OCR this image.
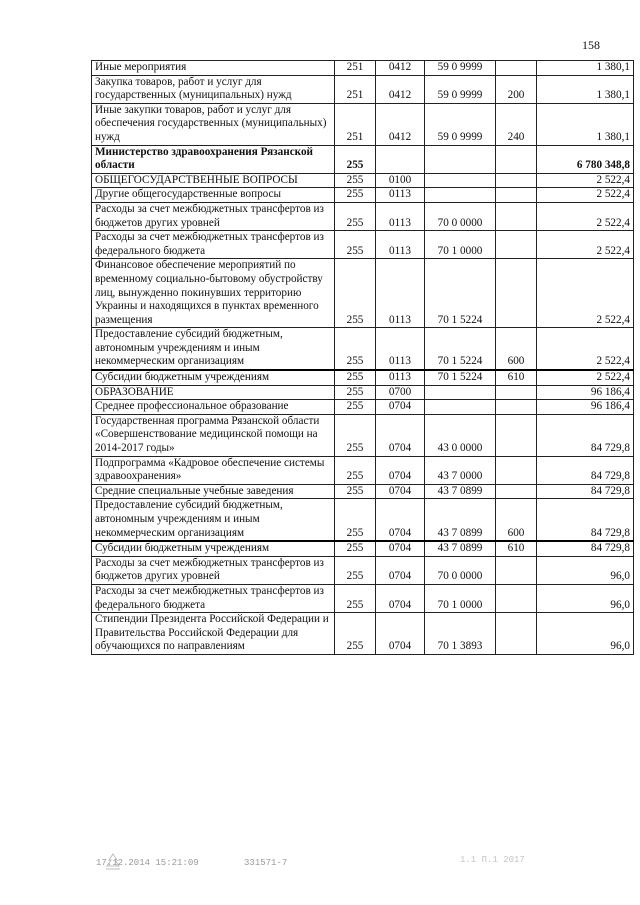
158
Иные мероприятия	251	0412	59 0 9999		1 380,1
Закупка товаров, работ и услуг для государственных (муниципальных) нужд	251	0412	59 0 9999	200	1 380,1
Иные закупки товаров, работ и услуг для обеспечения государственных (муниципальных) нужд	251	0412	59 0 9999	240	1 380,1
Министерство здравоохранения Рязанской области	255				6 780 348,8
ОБЩЕГОСУДАРСТВЕННЫЕ ВОПРОСЫ	255	0100			2 522,4
Другие общегосударственные вопросы	255	0113			2 522,4
Расходы за счет межбюджетных трансфертов из бюджетов других уровней	255	0113	70 0 0000		2 522,4
Расходы за счет межбюджетных трансфертов из федерального бюджета	255	0113	70 1 0000		2 522,4
Финансовое обеспечение мероприятий по временному социально-бытовому обустройству лиц, вынужденно покинувших территорию Украины и находящихся в пунктах временного размещения	255	0113	70 1 5224		2 522,4
Предоставление субсидий бюджетным, автономным учреждениям и иным некоммерческим организациям	255	0113	70 1 5224	600	2 522,4
Субсидии бюджетным учреждениям	255	0113	70 1 5224	610	2 522,4
ОБРАЗОВАНИЕ	255	0700			96 186,4
Среднее профессиональное образование	255	0704			96 186,4
Государственная программа Рязанской области «Совершенствование медицинской помощи на 2014-2017 годы»	255	0704	43 0 0000		84 729,8
Подпрограмма «Кадровое обеспечение системы здравоохранения»	255	0704	43 7 0000		84 729,8
Средние специальные учебные заведения	255	0704	43 7 0899		84 729,8
Предоставление субсидий бюджетным, автономным учреждениям и иным некоммерческим организациям	255	0704	43 7 0899	600	84 729,8
Субсидии бюджетным учреждениям	255	0704	43 7 0899	610	84 729,8
Расходы за счет межбюджетных трансфертов из бюджетов других уровней	255	0704	70 0 0000		96,0
Расходы за счет межбюджетных трансфертов из федерального бюджета	255	0704	70 1 0000		96,0
Стипендии Президента Российской Федерации и Правительства Российской Федерации для обучающихся по направлениям	255	0704	70 1 3893		96,0
17.12.2014 15:21:09	331571-7	1.1 П.1 2017
